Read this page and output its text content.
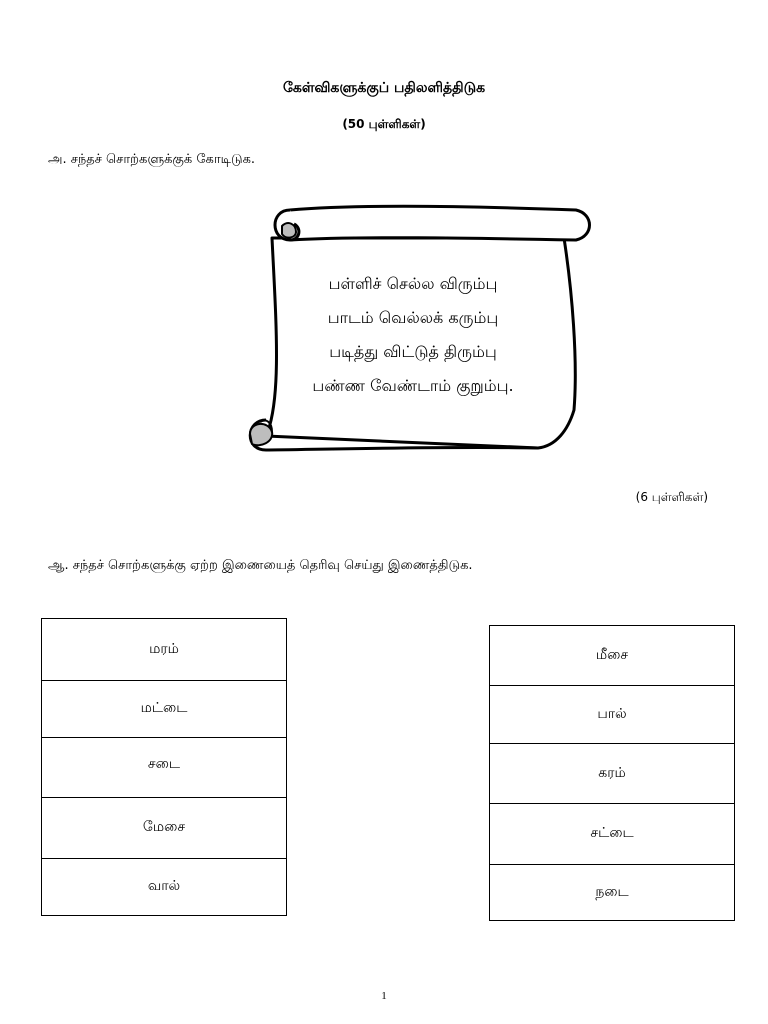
கேள்விகளுக்குப் பதிலளித்திடுக
(50 புள்ளிகள்)
அ. சந்தச் சொற்களுக்குக் கோடிடுக.
பள்ளிச் செல்ல விரும்பு
பாடம் வெல்லக் கரும்பு
படித்து விட்டுத் திரும்பு
பண்ண வேண்டாம் குறும்பு.
(6 புள்ளிகள்)
ஆ. சந்தச் சொற்களுக்கு ஏற்ற இணையைத் தெரிவு செய்து இணைத்திடுக.
மரம்
மட்டை
சடை
மேசை
வால்
மீசை
பால்
கரம்
சட்டை
நடை
1
